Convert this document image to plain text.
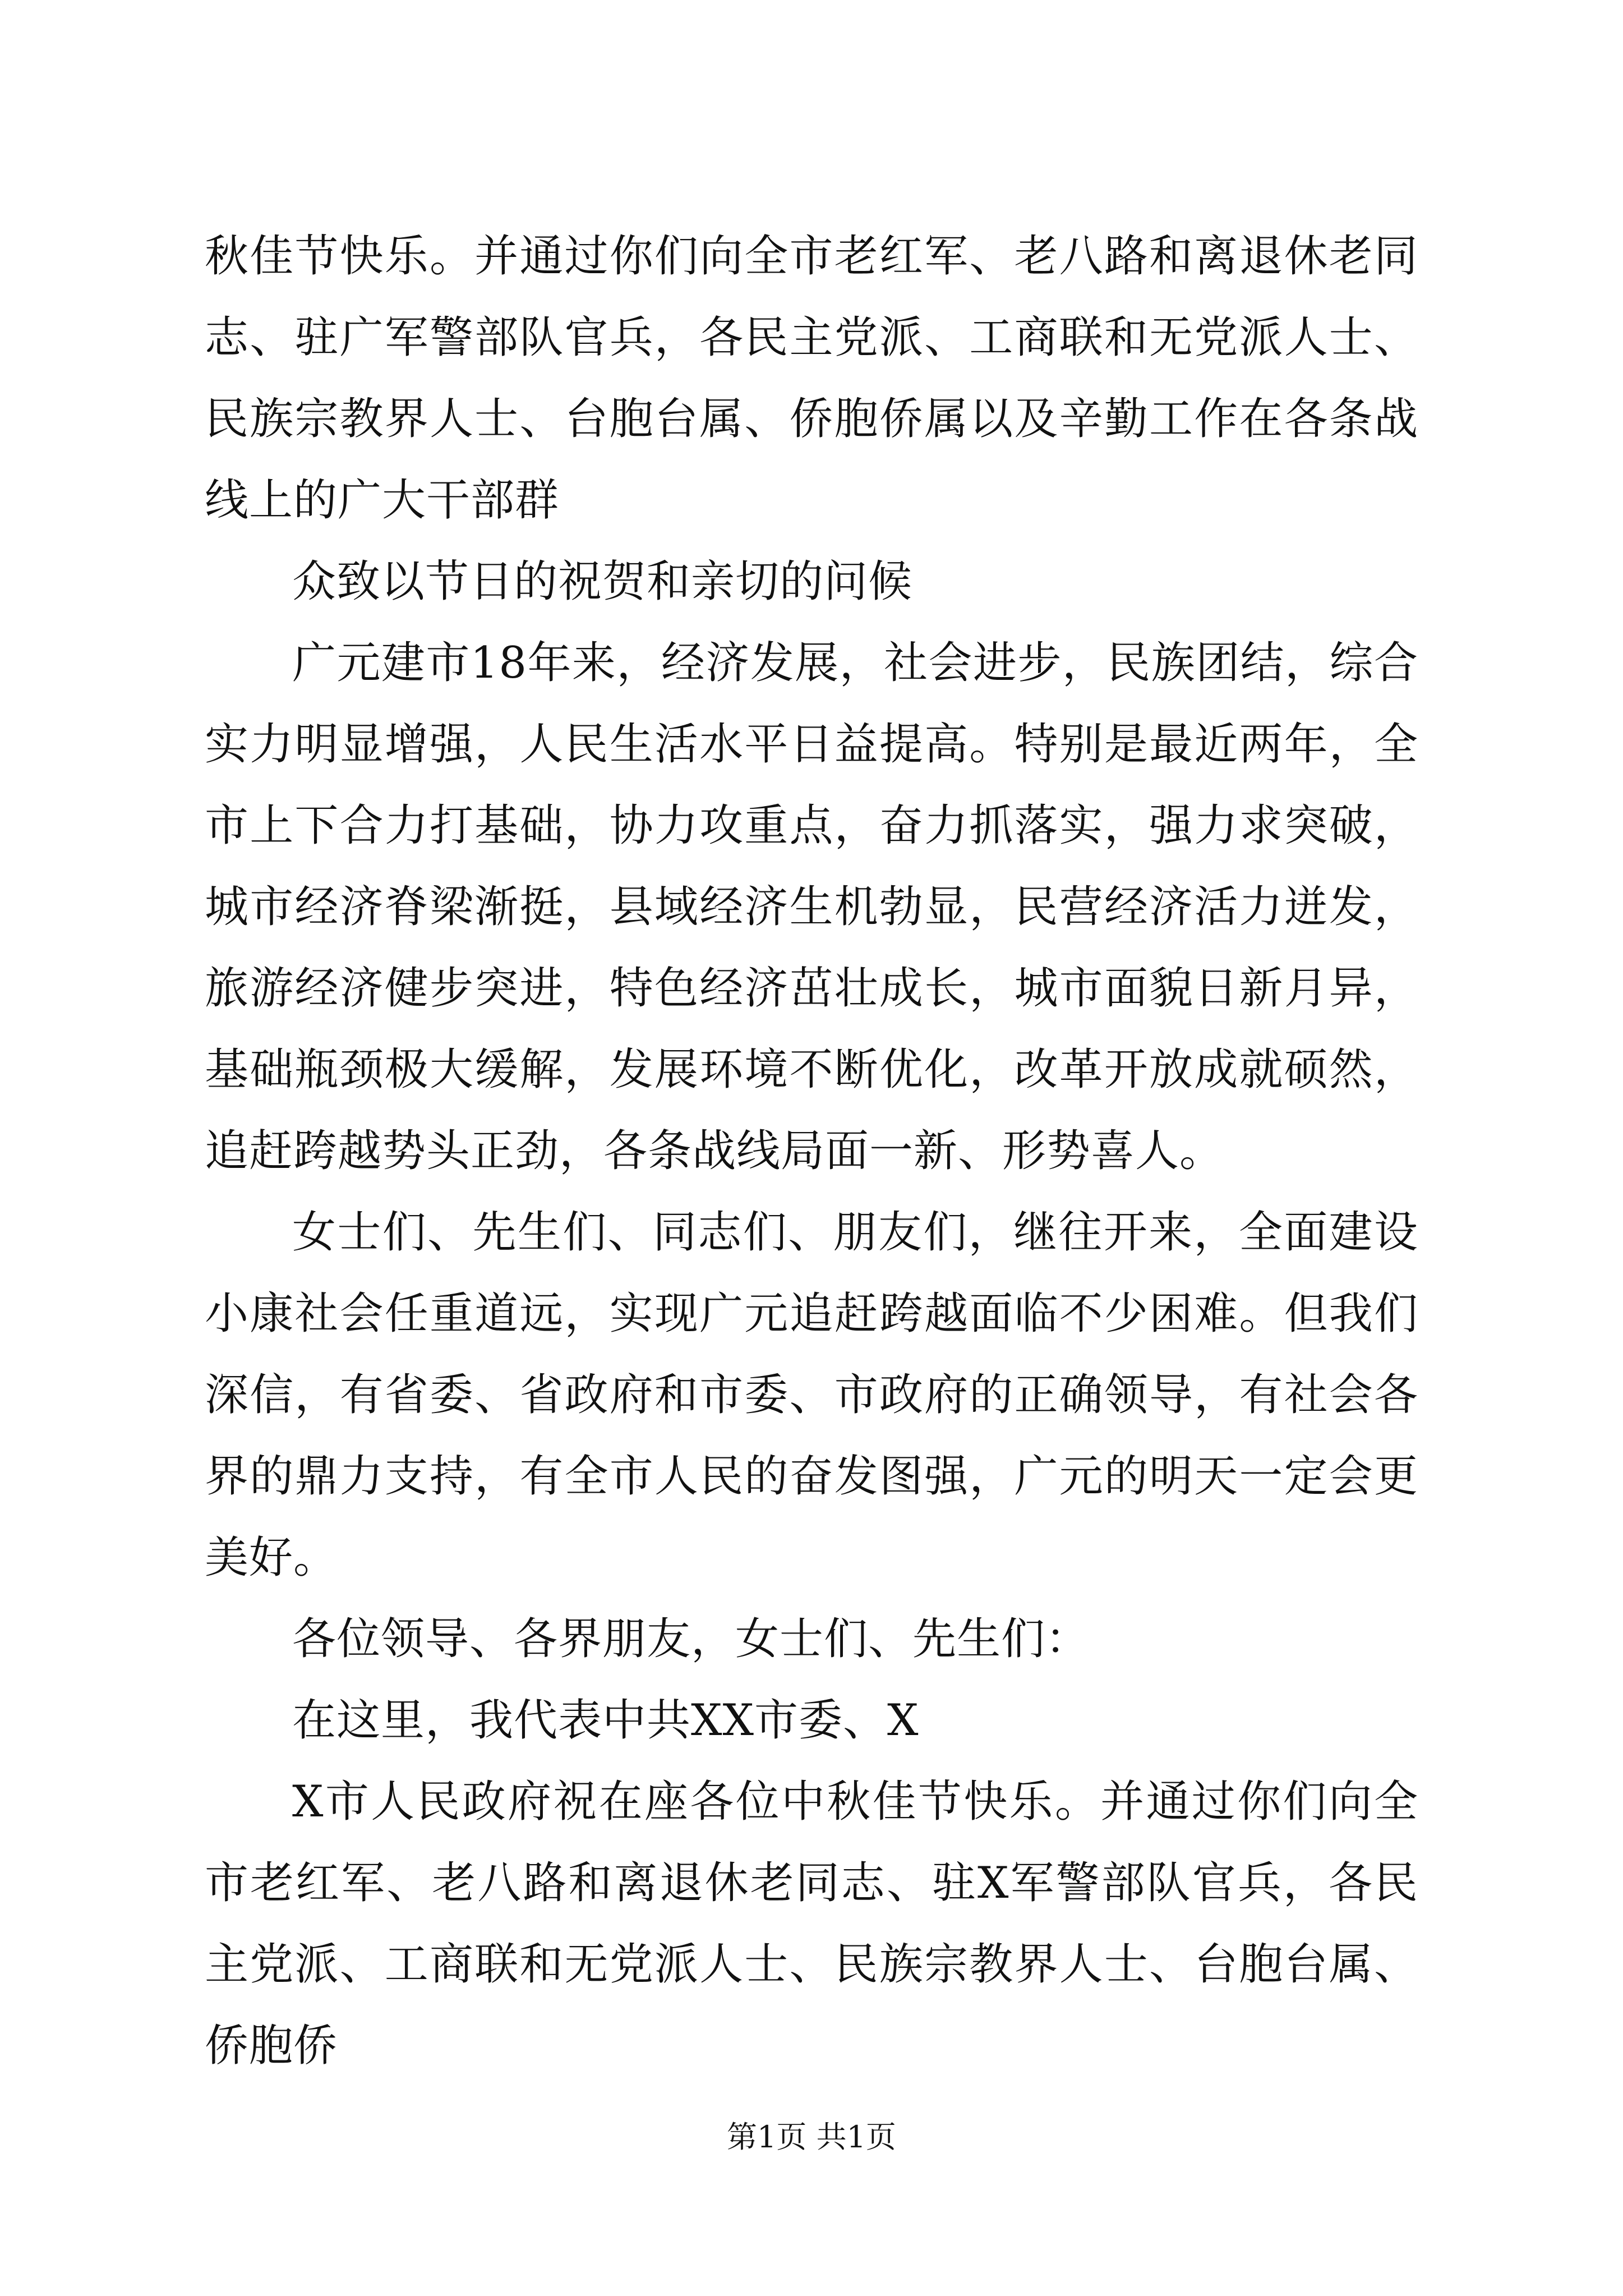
秋佳节快乐。并通过你们向全市老红军、老八路和离退休老同志、驻广军警部队官兵，各民主党派、工商联和无党派人士、民族宗教界人士、台胞台属、侨胞侨属以及辛勤工作在各条战线上的广大干部群

众致以节日的祝贺和亲切的问候

广元建市18年来，经济发展，社会进步，民族团结，综合实力明显增强，人民生活水平日益提高。特别是最近两年，全市上下合力打基础，协力攻重点，奋力抓落实，强力求突破，城市经济脊梁渐挺，县域经济生机勃显，民营经济活力迸发，旅游经济健步突进，特色经济茁壮成长，城市面貌日新月异，基础瓶颈极大缓解，发展环境不断优化，改革开放成就硕然，追赶跨越势头正劲，各条战线局面一新、形势喜人。

女士们、先生们、同志们、朋友们，继往开来，全面建设小康社会任重道远，实现广元追赶跨越面临不少困难。但我们深信，有省委、省政府和市委、市政府的正确领导，有社会各界的鼎力支持，有全市人民的奋发图强，广元的明天一定会更美好。

各位领导、各界朋友，女士们、先生们：

在这里，我代表中共XX市委、X

X市人民政府祝在座各位中秋佳节快乐。并通过你们向全市老红军、老八路和离退休老同志、驻X军警部队官兵，各民主党派、工商联和无党派人士、民族宗教界人士、台胞台属、侨胞侨

第1页 共1页
